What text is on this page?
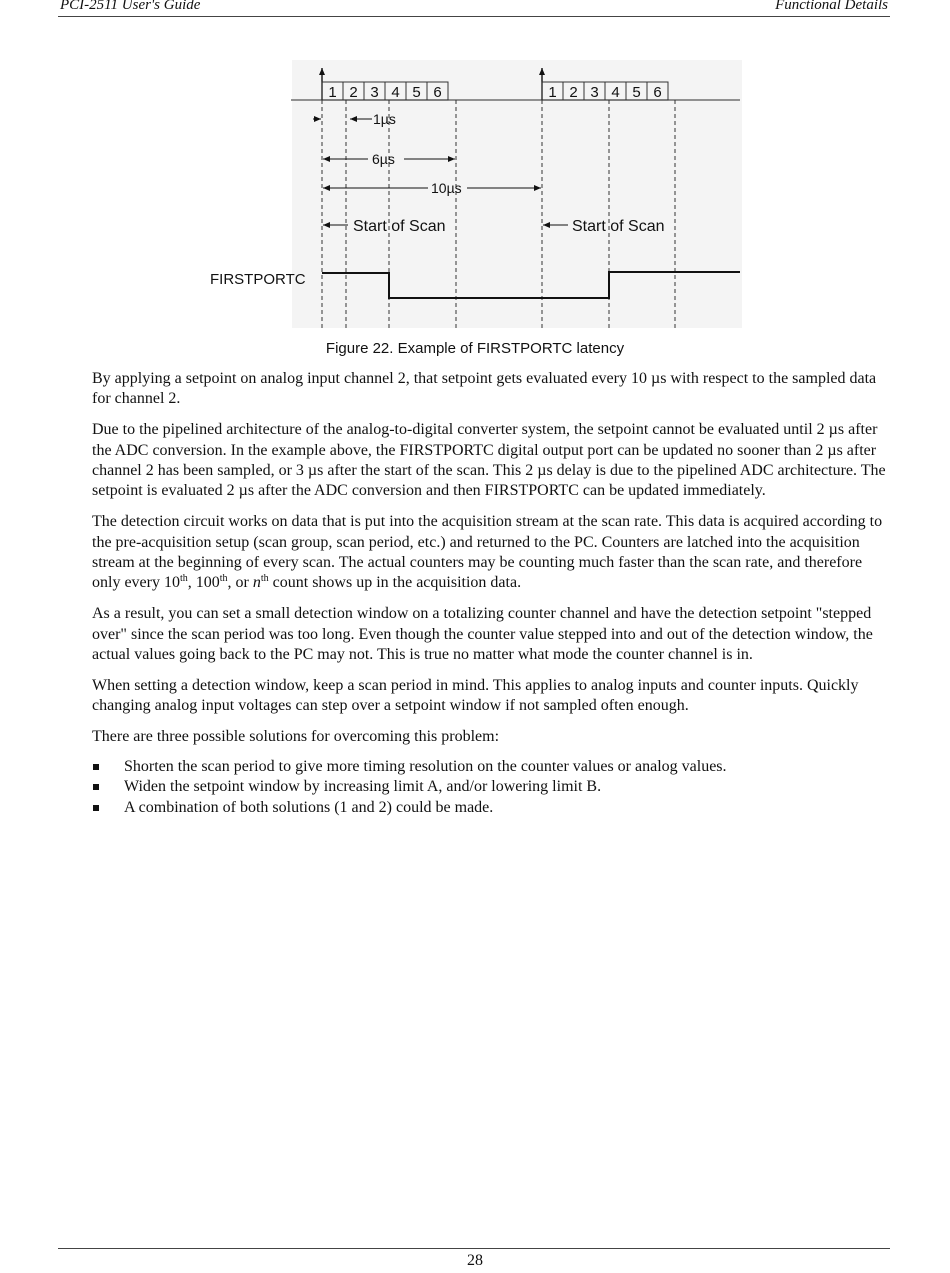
PCI-2511 User's Guide	Functional Details
1 2 3 4 5 6	1 2 3 4 5 6
1µs
6µs
10µs
Start of Scan	Start of Scan
FIRSTPORTC
Figure 22. Example of FIRSTPORTC latency

By applying a setpoint on analog input channel 2, that setpoint gets evaluated every 10 µs with respect to the sampled data for channel 2.

Due to the pipelined architecture of the analog-to-digital converter system, the setpoint cannot be evaluated until 2 µs after the ADC conversion. In the example above, the FIRSTPORTC digital output port can be updated no sooner than 2 µs after channel 2 has been sampled, or 3 µs after the start of the scan. This 2 µs delay is due to the pipelined ADC architecture. The setpoint is evaluated 2 µs after the ADC conversion and then FIRSTPORTC can be updated immediately.

The detection circuit works on data that is put into the acquisition stream at the scan rate. This data is acquired according to the pre-acquisition setup (scan group, scan period, etc.) and returned to the PC. Counters are latched into the acquisition stream at the beginning of every scan. The actual counters may be counting much faster than the scan rate, and therefore only every 10th, 100th, or $n^{th}$ count shows up in the acquisition data.

As a result, you can set a small detection window on a totalizing counter channel and have the detection setpoint "stepped over" since the scan period was too long. Even though the counter value stepped into and out of the detection window, the actual values going back to the PC may not. This is true no matter what mode the counter channel is in.

When setting a detection window, keep a scan period in mind. This applies to analog inputs and counter inputs. Quickly changing analog input voltages can step over a setpoint window if not sampled often enough.

There are three possible solutions for overcoming this problem:

Shorten the scan period to give more timing resolution on the counter values or analog values.
Widen the setpoint window by increasing limit A, and/or lowering limit B.
A combination of both solutions (1 and 2) could be made.
28
